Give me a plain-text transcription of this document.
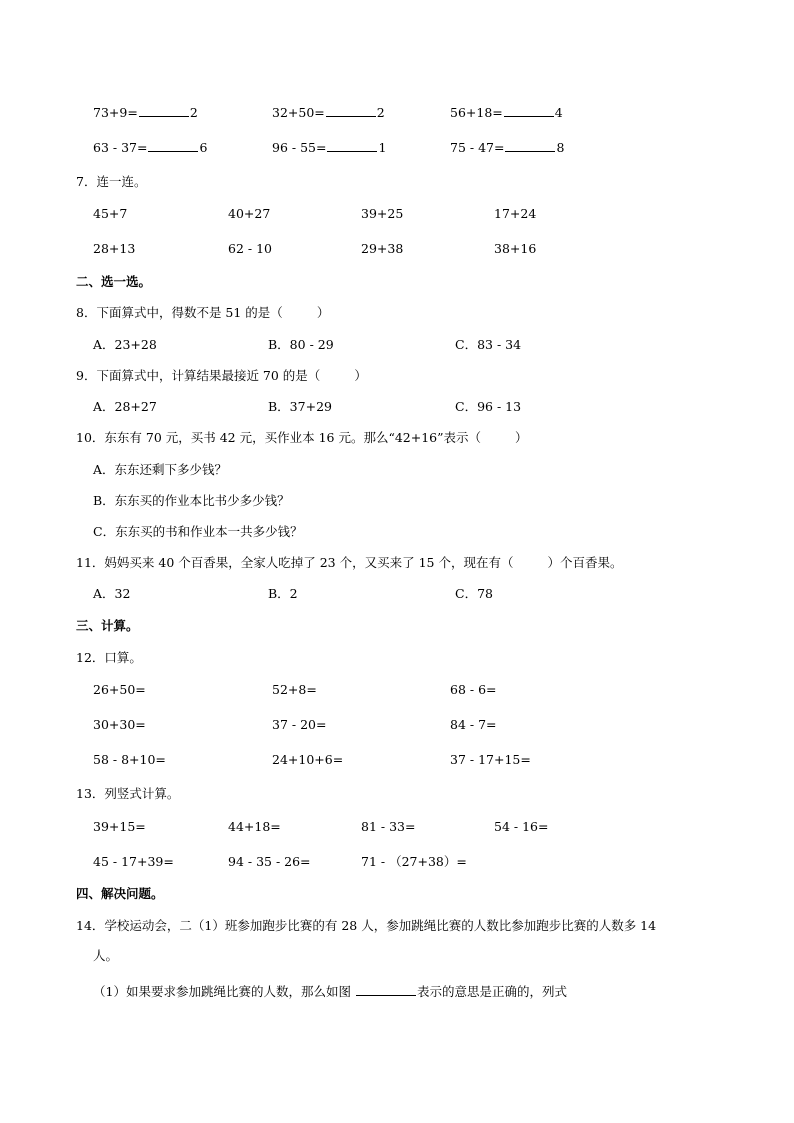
73+9=	2	32+50=	2	56+18=	4
63 - 37=	6	96 - 55=	1	75 - 47=	8
7．连一连。
45+7	40+27	39+25	17+24
28+13	62 - 10	29+38	38+16
二、选一选。
8．下面算式中，得数不是 51 的是（	）
A．23+28	B．80 - 29	C．83 - 34
9．下面算式中，计算结果最接近 70 的是（	）
A．28+27	B．37+29	C．96 - 13
10．东东有 70 元，买书 42 元，买作业本 16 元。那么“42+16”表示（	）
A．东东还剩下多少钱？
B．东东买的作业本比书少多少钱？
C．东东买的书和作业本一共多少钱？
11．妈妈买来 40 个百香果，全家人吃掉了 23 个，又买来了 15 个，现在有（	）个百香果。
A．32	B．2	C．78
三、计算。
12．口算。
26+50=	52+8=	68 - 6=
30+30=	37 - 20=	84 - 7=
58 - 8+10=	24+10+6=	37 - 17+15=
13．列竖式计算。
39+15=	44+18=	81 - 33=	54 - 16=
45 - 17+39=	94 - 35 - 26=	71 - （27+38）=
四、解决问题。
14．学校运动会，二（1）班参加跑步比赛的有 28 人，参加跳绳比赛的人数比参加跑步比赛的人数多 14
人。
（1）如果要求参加跳绳比赛的人数，那么如图	表示的意思是正确的，列式
